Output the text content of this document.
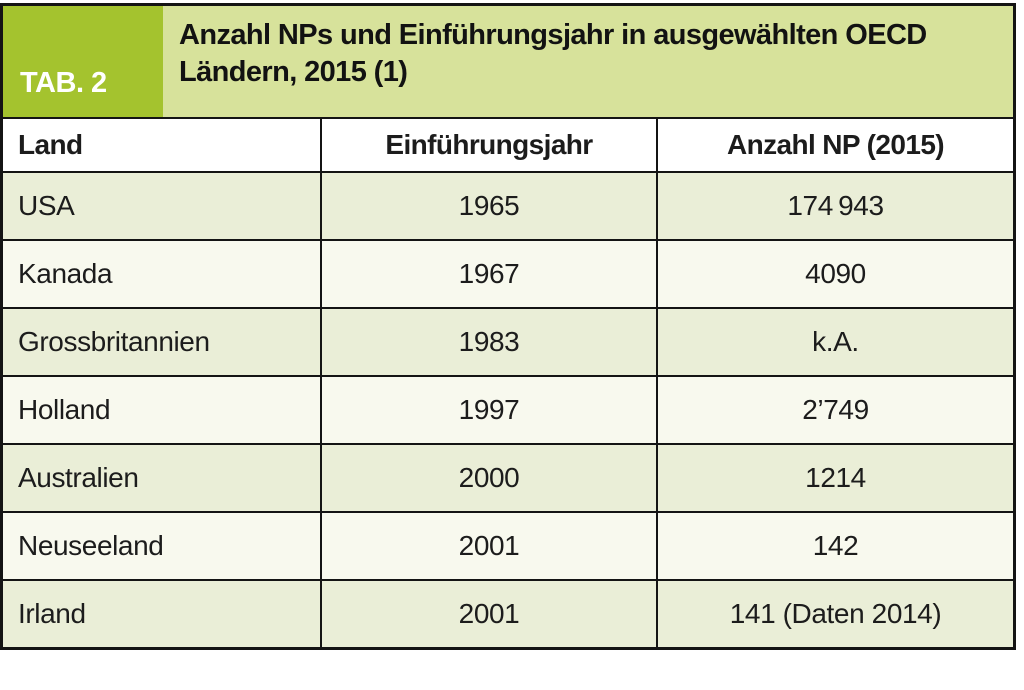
TAB. 2
Anzahl NPs und Einführungsjahr in ausgewählten OECD
Ländern, 2015 (1)
Land	Einführungsjahr	Anzahl NP (2015)
USA	1965	174 943
Kanada	1967	4090
Grossbritannien	1983	k.A.
Holland	1997	2’749
Australien	2000	1214
Neuseeland	2001	142
Irland	2001	141 (Daten 2014)
